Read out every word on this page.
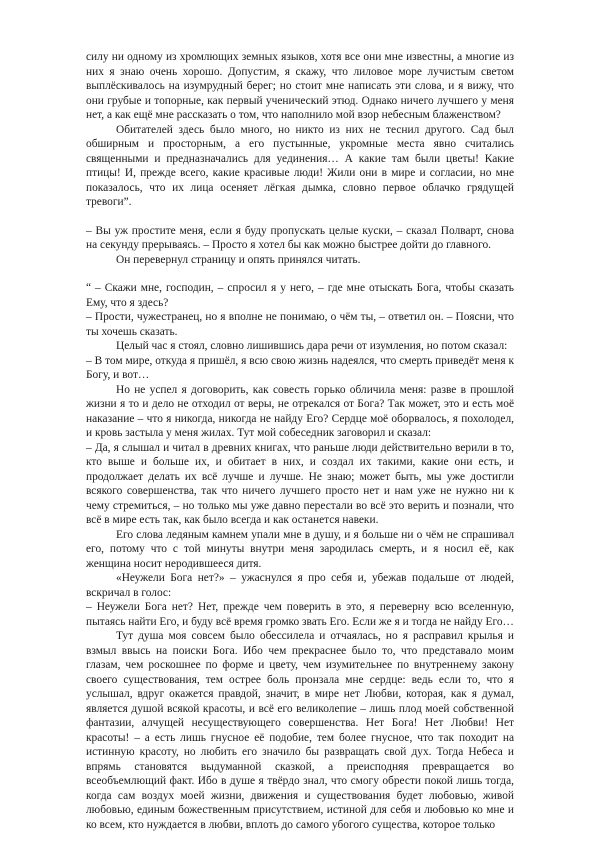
силу ни одному из хромлющих земных языков, хотя все они мне известны, а многие из них я знаю очень хорошо. Допустим, я скажу, что лиловое море лучистым светом выплёскивалось на изумрудный берег; но стоит мне написать эти слова, и я вижу, что они грубые и топорные, как первый ученический этюд. Однако ничего лучшего у меня нет, а как ещё мне рассказать о том, что наполнило мой взор небесным блаженством?

Обитателей здесь было много, но никто из них не теснил другого. Сад был обширным и просторным, а его пустынные, укромные места явно считались священными и предназначались для уединения… А какие там были цветы! Какие птицы! И, прежде всего, какие красивые люди! Жили они в мире и согласии, но мне показалось, что их лица осеняет лёгкая дымка, словно первое облачко грядущей тревоги”.

– Вы уж простите меня, если я буду пропускать целые куски, – сказал Полварт, снова на секунду прерываясь. – Просто я хотел бы как можно быстрее дойти до главного.

Он перевернул страницу и опять принялся читать.

“ – Скажи мне, господин, – спросил я у него, – где мне отыскать Бога, чтобы сказать Ему, что я здесь?

– Прости, чужестранец, но я вполне не понимаю, о чём ты, – ответил он. – Поясни, что ты хочешь сказать.

Целый час я стоял, словно лишившись дара речи от изумления, но потом сказал:

– В том мире, откуда я пришёл, я всю свою жизнь надеялся, что смерть приведёт меня к Богу, и вот…

Но не успел я договорить, как совесть горько обличила меня: разве в прошлой жизни я то и дело не отходил от веры, не отрекался от Бога? Так может, это и есть моё наказание – что я никогда, никогда не найду Его? Сердце моё оборвалось, я похолодел, и кровь застыла у меня жилах. Тут мой собеседник заговорил и сказал:

– Да, я слышал и читал в древних книгах, что раньше люди действительно верили в то, кто выше и больше их, и обитает в них, и создал их такими, какие они есть, и продолжает делать их всё лучше и лучше. Не знаю; может быть, мы уже достигли всякого совершенства, так что ничего лучшего просто нет и нам уже не нужно ни к чему стремиться, – но только мы уже давно перестали во всё это верить и познали, что всё в мире есть так, как было всегда и как останется навеки.

Его слова ледяным камнем упали мне в душу, и я больше ни о чём не спрашивал его, потому что с той минуты внутри меня зародилась смерть, и я носил её, как женщина носит неродившееся дитя.

«Неужели Бога нет?» – ужаснулся я про себя и, убежав подальше от людей, вскричал в голос:

– Неужели Бога нет? Нет, прежде чем поверить в это, я переверну всю вселенную, пытаясь найти Его, и буду всё время громко звать Его. Если же я и тогда не найду Его…

Тут душа моя совсем было обессилела и отчаялась, но я расправил крылья и взмыл ввысь на поиски Бога. Ибо чем прекраснее было то, что представало моим глазам, чем роскошнее по форме и цвету, чем изумительнее по внутреннему закону своего существования, тем острее боль пронзала мне сердце: ведь если то, что я услышал, вдруг окажется правдой, значит, в мире нет Любви, которая, как я думал, является душой всякой красоты, и всё его великолепие – лишь плод моей собственной фантазии, алчущей несуществующего совершенства. Нет Бога! Нет Любви! Нет красоты! – а есть лишь гнусное её подобие, тем более гнусное, что так походит на истинную красоту, но любить его значило бы развращать свой дух. Тогда Небеса и впрямь становятся выдуманной сказкой, а преисподняя превращается во всеобъемлющий факт. Ибо в душе я твёрдо знал, что смогу обрести покой лишь тогда, когда сам воздух моей жизни, движения и существования будет любовью, живой любовью, единым божественным присутствием, истиной для себя и любовью ко мне и ко всем, кто нуждается в любви, вплоть до самого убогого существа, которое только
